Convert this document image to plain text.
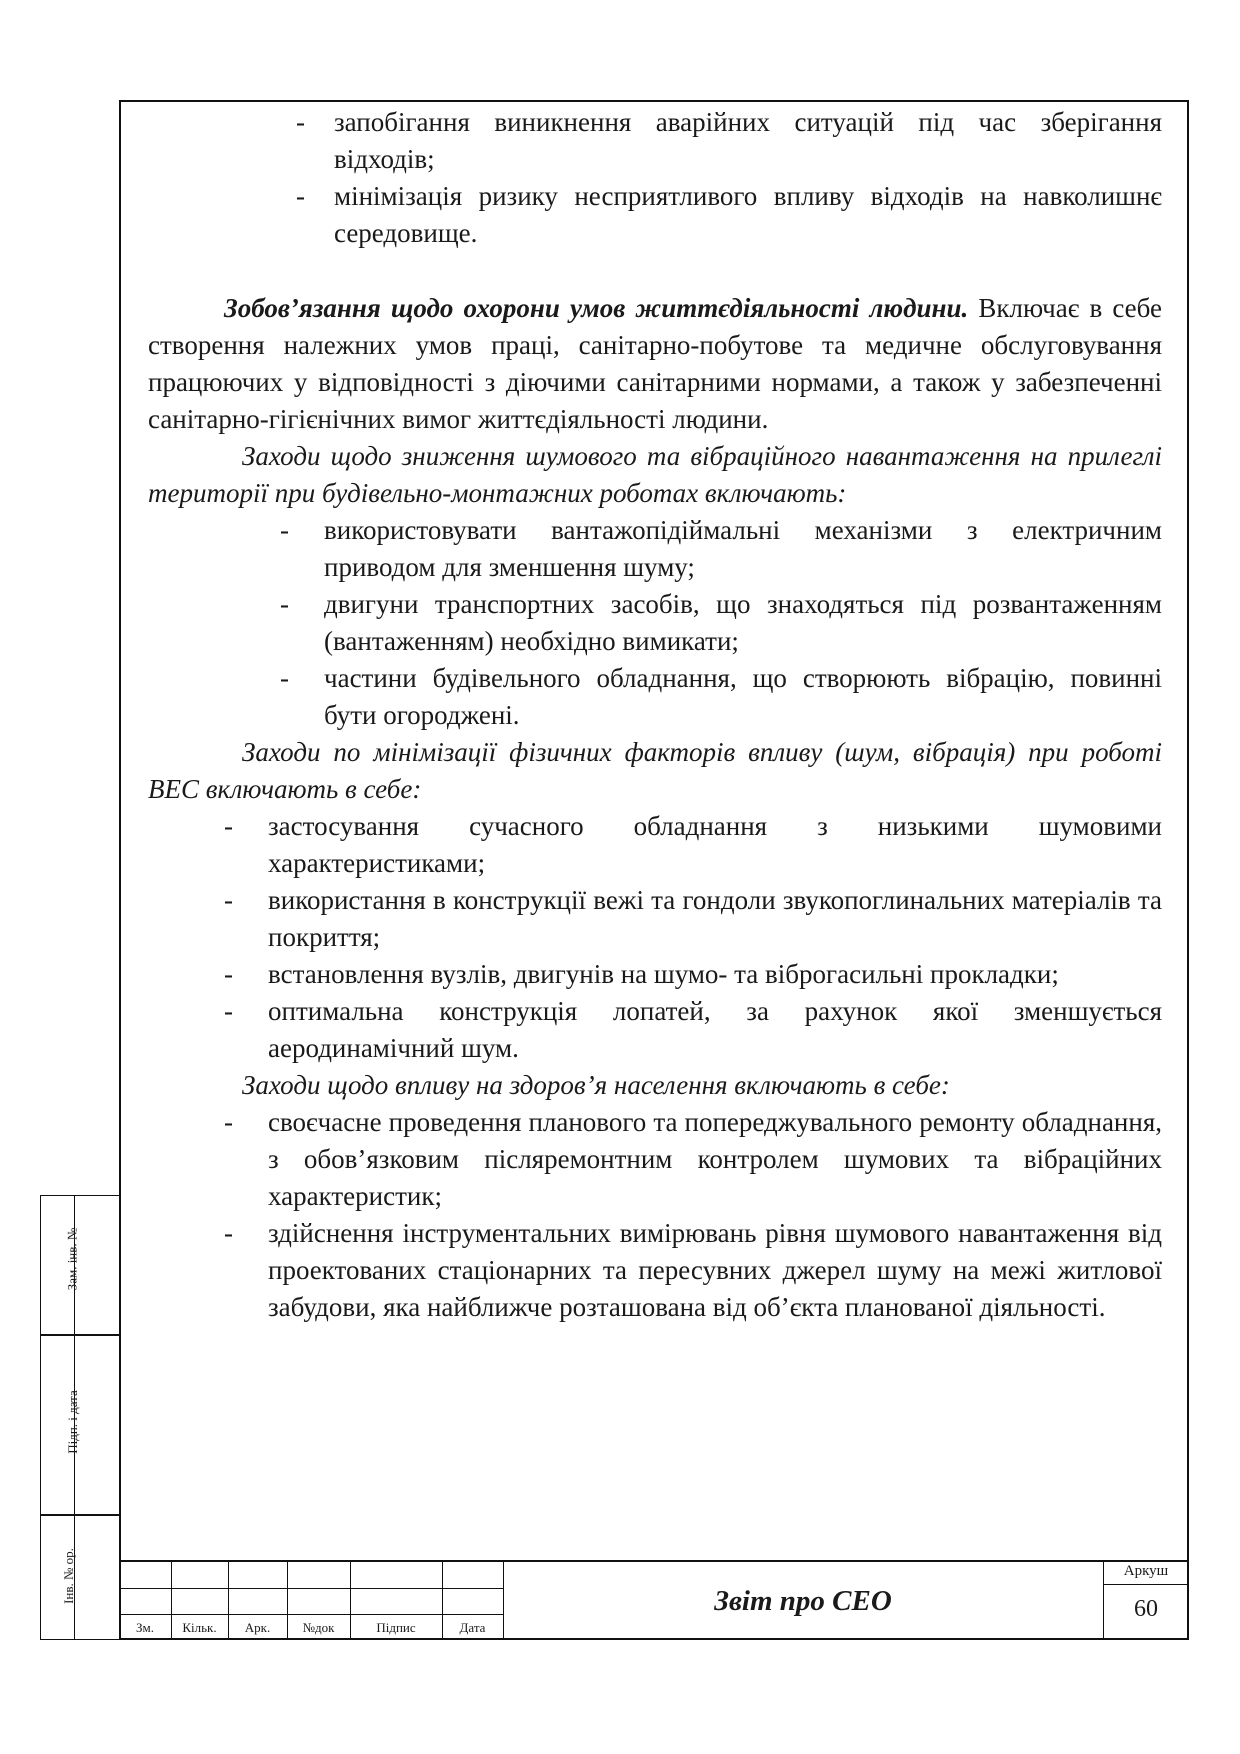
- запобігання виникнення аварійних ситуацій під час зберігання відходів;
- мінімізація ризику несприятливого впливу відходів на навколишнє середовище.

Зобов’язання щодо охорони умов життєдіяльності людини. Включає в себе створення належних умов праці, санітарно-побутове та медичне обслуговування працюючих у відповідності з діючими санітарними нормами, а також у забезпеченні санітарно-гігієнічних вимог життєдіяльності людини.

Заходи щодо зниження шумового та вібраційного навантаження на прилеглі території при будівельно-монтажних роботах включають:

- використовувати вантажопідіймальні механізми з електричним приводом для зменшення шуму;
- двигуни транспортних засобів, що знаходяться під розвантаженням (вантаженням) необхідно вимикати;
- частини будівельного обладнання, що створюють вібрацію, повинні бути огороджені.

Заходи по мінімізації фізичних факторів впливу (шум, вібрація) при роботі ВЕС включають в себе:

- застосування сучасного обладнання з низькими шумовими характеристиками;
- використання в конструкції вежі та гондоли звукопоглинальних матеріалів та покриття;
- встановлення вузлів, двигунів на шумо- та віброгасильні прокладки;
- оптимальна конструкція лопатей, за рахунок якої зменшується аеродинамічний шум.

Заходи щодо впливу на здоров’я населення включають в себе:

- своєчасне проведення планового та попереджувального ремонту обладнання, з обов’язковим післяремонтним контролем шумових та вібраційних характеристик;
- здійснення інструментальних вимірювань рівня шумового навантаження від проектованих стаціонарних та пересувних джерел шуму на межі житлової забудови, яка найближче розташована від об’єкта планованої діяльності.
Зам. інв. №
Підп. і дата
Інв. № ор.
Зм.	Кільк.	Арк.	№док	Підпис	Дата
Звіт про СЕО
Аркуш
60
